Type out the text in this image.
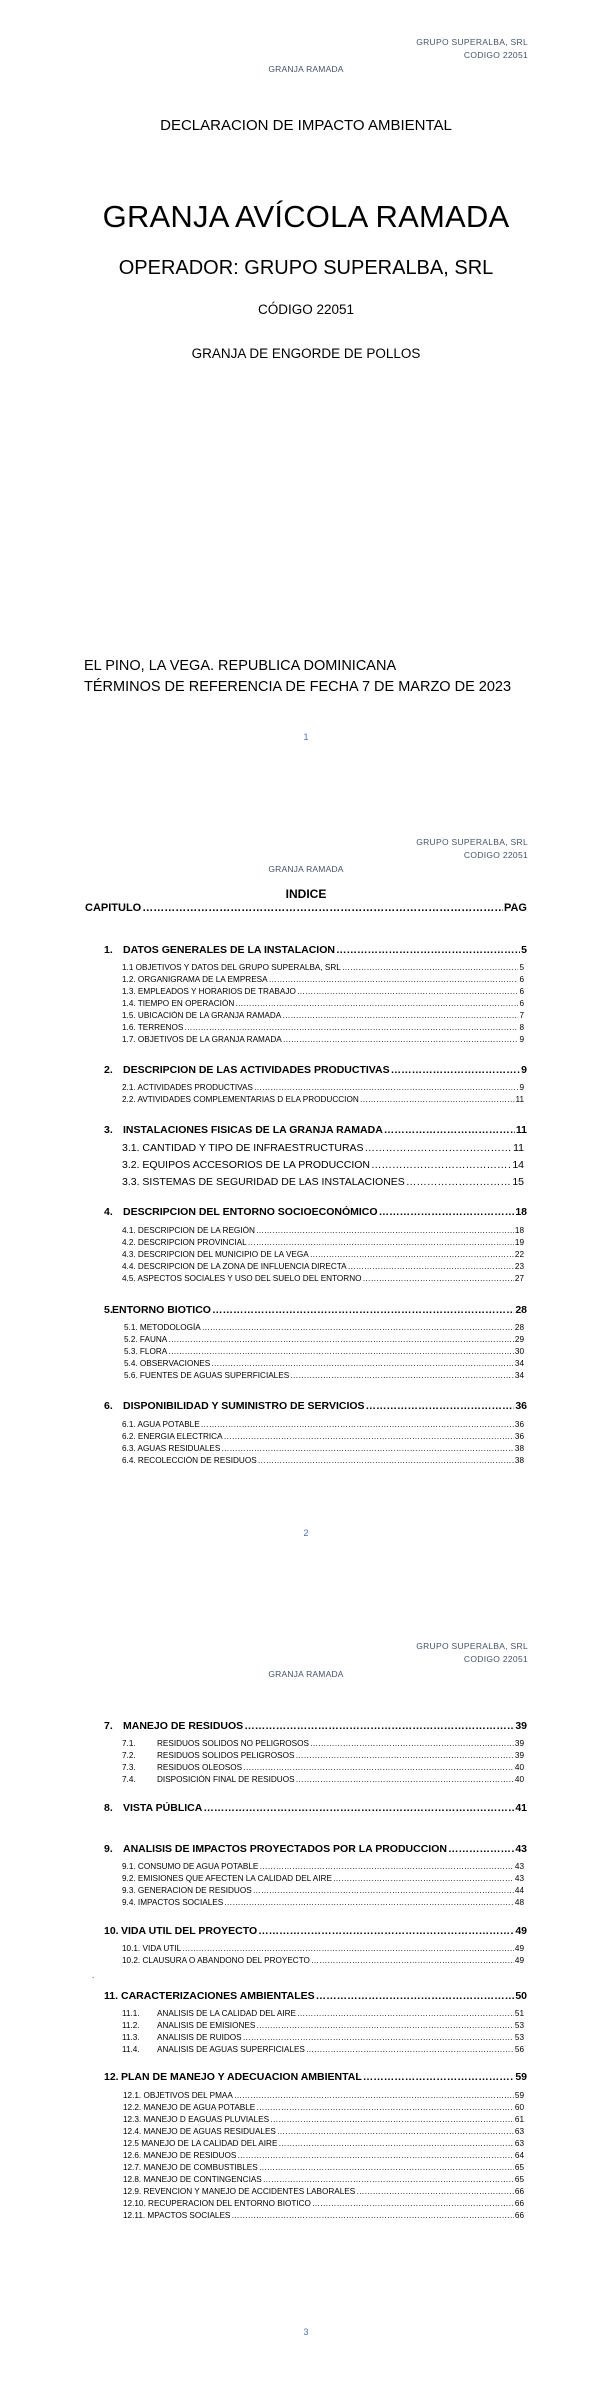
GRUPO SUPERALBA, SRL
CODIGO 22051
GRANJA RAMADA
DECLARACION DE IMPACTO AMBIENTAL
GRANJA AVÍCOLA RAMADA
OPERADOR: GRUPO SUPERALBA, SRL
CÓDIGO 22051
GRANJA DE ENGORDE DE POLLOS
EL PINO, LA VEGA. REPUBLICA DOMINICANA
TÉRMINOS DE REFERENCIA DE FECHA 7 DE MARZO DE 2023
1
GRUPO SUPERALBA, SRL
CODIGO 22051
GRANJA RAMADA
INDICE
CAPITULO ……………………………………………………………………………………………………………………………………………………………………………………………………	PAG
1. DATOS GENERALES DE LA INSTALACION ……………………………………………………………………………………………………………………………………………………………………………………………………	5
1.1 OBJETIVOS Y DATOS DEL GRUPO SUPERALBA, SRL ……………………………………………………………………………………………………………………………………………………………………………………………………	5
1.2. ORGANIGRAMA DE LA EMPRESA ……………………………………………………………………………………………………………………………………………………………………………………………………	6
1.3. EMPLEADOS Y HORARIOS DE TRABAJO ……………………………………………………………………………………………………………………………………………………………………………………………………	6
1.4. TIEMPO EN OPERACIÓN ……………………………………………………………………………………………………………………………………………………………………………………………………	6
1.5. UBICACIÓN DE LA GRANJA RAMADA ……………………………………………………………………………………………………………………………………………………………………………………………………	7
1.6. TERRENOS ……………………………………………………………………………………………………………………………………………………………………………………………………	8
1.7. OBJETIVOS DE LA GRANJA RAMADA ……………………………………………………………………………………………………………………………………………………………………………………………………	9
2. DESCRIPCION DE LAS ACTIVIDADES PRODUCTIVAS ……………………………………………………………………………………………………………………………………………………………………………………………………	9
2.1. ACTIVIDADES PRODUCTIVAS ……………………………………………………………………………………………………………………………………………………………………………………………………	9
2.2. AVTIVIDADES COMPLEMENTARIAS D ELA PRODUCCION ……………………………………………………………………………………………………………………………………………………………………………………………………	11
3. INSTALACIONES FISICAS DE LA GRANJA RAMADA ……………………………………………………………………………………………………………………………………………………………………………………………………	11
3.1. CANTIDAD Y TIPO DE INFRAESTRUCTURAS ……………………………………………………………………………………………………………………………………………………………………………………………………	11
3.2. EQUIPOS ACCESORIOS DE LA PRODUCCION ……………………………………………………………………………………………………………………………………………………………………………………………………	14
3.3. SISTEMAS DE SEGURIDAD DE LAS INSTALACIONES ……………………………………………………………………………………………………………………………………………………………………………………………………	15
4. DESCRIPCION DEL ENTORNO SOCIOECONÓMICO ……………………………………………………………………………………………………………………………………………………………………………………………………	18
4.1. DESCRIPCION DE LA REGIÓN ……………………………………………………………………………………………………………………………………………………………………………………………………	18
4.2. DESCRIPCION PROVINCIAL ……………………………………………………………………………………………………………………………………………………………………………………………………	19
4.3. DESCRIPCION DEL MUNICIPIO DE LA VEGA ……………………………………………………………………………………………………………………………………………………………………………………………………	22
4.4. DESCRIPCION DE LA ZONA DE INFLUENCIA DIRECTA ……………………………………………………………………………………………………………………………………………………………………………………………………	23
4.5. ASPECTOS SOCIALES Y USO DEL SUELO DEL ENTORNO ……………………………………………………………………………………………………………………………………………………………………………………………………	27
5.ENTORNO BIOTICO ……………………………………………………………………………………………………………………………………………………………………………………………………	28
5.1. METODOLOGÍA ……………………………………………………………………………………………………………………………………………………………………………………………………	28
5.2. FAUNA ……………………………………………………………………………………………………………………………………………………………………………………………………	29
5.3. FLORA ……………………………………………………………………………………………………………………………………………………………………………………………………	30
5.4. OBSERVACIONES ……………………………………………………………………………………………………………………………………………………………………………………………………	34
5.6. FUENTES DE AGUAS SUPERFICIALES ……………………………………………………………………………………………………………………………………………………………………………………………………	34
6. DISPONIBILIDAD Y SUMINISTRO DE SERVICIOS ……………………………………………………………………………………………………………………………………………………………………………………………………	36
6.1. AGUA POTABLE ……………………………………………………………………………………………………………………………………………………………………………………………………	36
6.2. ENERGIA ELECTRICA ……………………………………………………………………………………………………………………………………………………………………………………………………	36
6.3. AGUAS RESIDUALES ……………………………………………………………………………………………………………………………………………………………………………………………………	38
6.4. RECOLECCIÓN DE RESIDUOS ……………………………………………………………………………………………………………………………………………………………………………………………………	38
2
GRUPO SUPERALBA, SRL
CODIGO 22051
GRANJA RAMADA
7. MANEJO DE RESIDUOS ……………………………………………………………………………………………………………………………………………………………………………………………………	39
7.1.	RESIDUOS SOLIDOS NO PELIGROSOS ……………………………………………………………………………………………………………………………………………………………………………………………………	39
7.2.	RESIDUOS SOLIDOS PELIGROSOS ……………………………………………………………………………………………………………………………………………………………………………………………………	39
7.3.	RESIDUOS OLEOSOS ……………………………………………………………………………………………………………………………………………………………………………………………………	40
7.4.	DISPOSICIÓN FINAL DE RESIDUOS ……………………………………………………………………………………………………………………………………………………………………………………………………	40
8. VISTA PÚBLICA ……………………………………………………………………………………………………………………………………………………………………………………………………	41
9. ANALISIS DE IMPACTOS PROYECTADOS POR LA PRODUCCION ……………………………………………………………………………………………………………………………………………………………………………………………………	43
9.1. CONSUMO DE AGUA POTABLE ……………………………………………………………………………………………………………………………………………………………………………………………………	43
9.2. EMISIONES QUE AFECTEN LA CALIDAD DEL AIRE ……………………………………………………………………………………………………………………………………………………………………………………………………	43
9.3. GENERACION DE RESIDUOS ……………………………………………………………………………………………………………………………………………………………………………………………………	44
9.4. IMPACTOS SOCIALES ……………………………………………………………………………………………………………………………………………………………………………………………………	48
10. VIDA UTIL DEL PROYECTO ……………………………………………………………………………………………………………………………………………………………………………………………………	49
10.1. VIDA UTIL ……………………………………………………………………………………………………………………………………………………………………………………………………	49
10.2. CLAUSURA O ABANDONO DEL PROYECTO ……………………………………………………………………………………………………………………………………………………………………………………………………	49
11. CARACTERIZACIONES AMBIENTALES ……………………………………………………………………………………………………………………………………………………………………………………………………	50
11.1. ANALISIS DE LA CALIDAD DEL AIRE ……………………………………………………………………………………………………………………………………………………………………………………………………	51
11.2. ANALISIS DE EMISIONES ……………………………………………………………………………………………………………………………………………………………………………………………………	53
11.3. ANALISIS DE RUIDOS ……………………………………………………………………………………………………………………………………………………………………………………………………	53
11.4. ANALISIS DE AGUAS SUPERFICIALES ……………………………………………………………………………………………………………………………………………………………………………………………………	56
12. PLAN DE MANEJO Y ADECUACION AMBIENTAL ……………………………………………………………………………………………………………………………………………………………………………………………………	59
12.1. OBJETIVOS DEL PMAA ……………………………………………………………………………………………………………………………………………………………………………………………………	59
12.2. MANEJO DE AGUA POTABLE ……………………………………………………………………………………………………………………………………………………………………………………………………	60
12.3. MANEJO D EAGUAS PLUVIALES ……………………………………………………………………………………………………………………………………………………………………………………………………	61
12.4. MANEJO DE AGUAS RESIDUALES ……………………………………………………………………………………………………………………………………………………………………………………………………	63
12.5 MANEJO DE LA CALIDAD DEL AIRE ……………………………………………………………………………………………………………………………………………………………………………………………………	63
12.6. MANEJO DE RESIDUOS ……………………………………………………………………………………………………………………………………………………………………………………………………	64
12.7. MANEJO DE COMBUSTIBLES ……………………………………………………………………………………………………………………………………………………………………………………………………	65
12.8. MANEJO DE CONTINGENCIAS ……………………………………………………………………………………………………………………………………………………………………………………………………	65
12.9. REVENCION Y MANEJO DE ACCIDENTES LABORALES ……………………………………………………………………………………………………………………………………………………………………………………………………	66
12.10. RECUPERACION DEL ENTORNO BIOTICO ……………………………………………………………………………………………………………………………………………………………………………………………………	66
12.11. MPACTOS SOCIALES ……………………………………………………………………………………………………………………………………………………………………………………………………	66
.
3
